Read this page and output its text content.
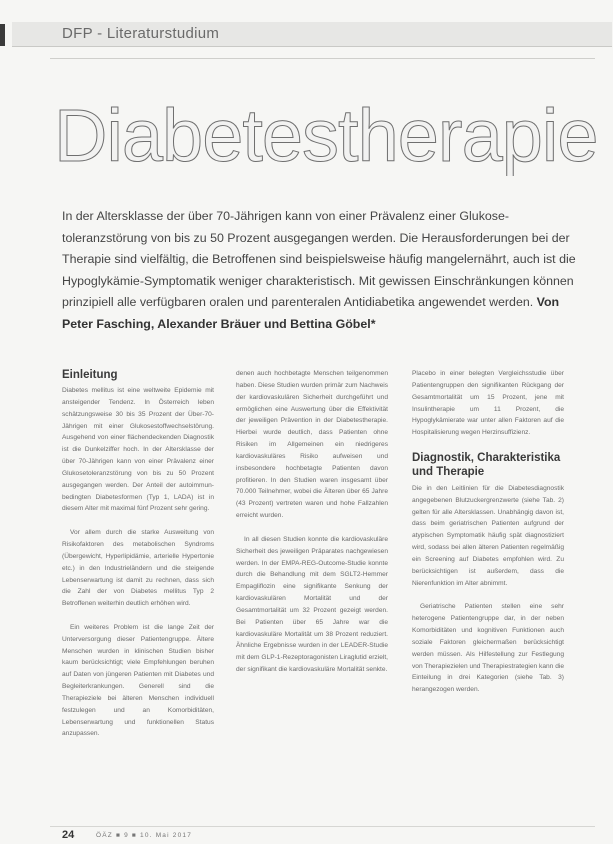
DFP - Literaturstudium
Diabetestherapie

In der Altersklasse der über 70-Jährigen kann von einer Prävalenz einer Glukose-toleranzstörung von bis zu 50 Prozent ausgegangen werden. Die Herausforderungen bei der Therapie sind vielfältig, die Betroffenen sind beispielsweise häufig mangelernährt, auch ist die Hypoglykämie-Symptomatik weniger charakteristisch. Mit gewissen Einschränkungen können prinzipiell alle verfügbaren oralen und parenteralen Antidiabetika angewendet werden. Von Peter Fasching, Alexander Bräuer und Bettina Göbel*

Einleitung

Diabetes mellitus ist eine weltweite Epidemie mit ansteigender Tendenz. In Österreich leben schätzungsweise 30 bis 35 Prozent der Über-70-Jährigen mit einer Glukosestoffwechselstörung. Ausgehend von einer flächendeckenden Diagnostik ist die Dunkelziffer hoch. In der Altersklasse der über 70-Jährigen kann von einer Prävalenz einer Glukosetoleranzstörung von bis zu 50 Prozent ausgegangen werden. Der Anteil der autoimmun-bedingten Diabetesformen (Typ 1, LADA) ist in diesem Alter mit maximal fünf Prozent sehr gering.

Vor allem durch die starke Ausweitung von Risikofaktoren des metabolischen Syndroms (Übergewicht, Hyperlipidämie, arterielle Hypertonie etc.) in den Industrieländern und die steigende Lebenserwartung ist damit zu rechnen, dass sich die Zahl der von Diabetes mellitus Typ 2 Betroffenen weiterhin deutlich erhöhen wird.

Ein weiteres Problem ist die lange Zeit der Unterversorgung dieser Patientengruppe. Ältere Menschen wurden in klinischen Studien bisher kaum berücksichtigt; viele Empfehlungen beruhen auf Daten von jüngeren Patienten mit Diabetes und Begleiterkrankungen. Generell sind die Therapieziele bei älteren Menschen individuell festzulegen und an Komorbiditäten, Lebenserwartung und funktionellen Status anzupassen.

denen auch hochbetagte Menschen teilgenommen haben. Diese Studien wurden primär zum Nachweis der kardiovaskulären Sicherheit durchgeführt und ermöglichen eine Auswertung über die Effektivität der jeweiligen Prävention in der Diabetestherapie. Hierbei wurde deutlich, dass Patienten ohne Risiken im Allgemeinen ein niedrigeres kardiovaskuläres Risiko aufweisen und insbesondere hochbetagte Patienten davon profitieren. In den Studien waren insgesamt über 70.000 Teilnehmer, wobei die Älteren über 65 Jahre (43 Prozent) vertreten waren und hohe Fallzahlen erreicht wurden.

In all diesen Studien konnte die kardiovaskuläre Sicherheit des jeweiligen Präparates nachgewiesen werden. In der EMPA-REG-Outcome-Studie konnte durch die Behandlung mit dem SGLT2-Hemmer Empagliflozin eine signifikante Senkung der kardiovaskulären Mortalität und der Gesamtmortalität um 32 Prozent gezeigt werden. Bei Patienten über 65 Jahre war die kardiovaskuläre Mortalität um 38 Prozent reduziert. Ähnliche Ergebnisse wurden in der LEADER-Studie mit dem GLP-1-Rezeptoragonisten Liraglutid erzielt, der signifikant die kardiovaskuläre Mortalität senkte.

Placebo in einer belegten Vergleichsstudie über Patientengruppen den signifikanten Rückgang der Gesamtmortalität um 15 Prozent, jene mit Insulintherapie um 11 Prozent, die Hypoglykämierate war unter allen Faktoren auf die Hospitalisierung wegen Herzinsuffizienz.

Diagnostik, Charakteristika und Therapie

Die in den Leitlinien für die Diabetesdiagnostik angegebenen Blutzuckergrenzwerte (siehe Tab. 2) gelten für alle Altersklassen. Unabhängig davon ist, dass beim geriatrischen Patienten aufgrund der atypischen Symptomatik häufig spät diagnostiziert wird, sodass bei allen älteren Patienten regelmäßig ein Screening auf Diabetes empfohlen wird. Zu berücksichtigen ist außerdem, dass die Nierenfunktion im Alter abnimmt.

Geriatrische Patienten stellen eine sehr heterogene Patientengruppe dar, in der neben Komorbiditäten und kognitiven Funktionen auch soziale Faktoren gleichermaßen berücksichtigt werden müssen. Als Hilfestellung zur Festlegung von Therapiezielen und Therapiestrategien kann die Einteilung in drei Kategorien (siehe Tab. 3) herangezogen werden.

24	ÖÄZ ■ 9 ■ 10. Mai 2017
